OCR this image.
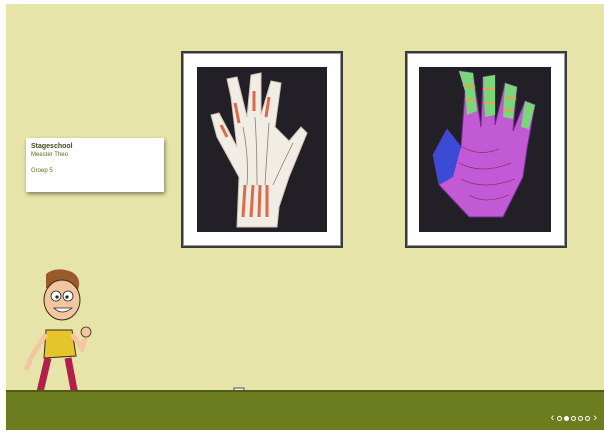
Stageschool
Meester Theo
Groep 5
‹	›
